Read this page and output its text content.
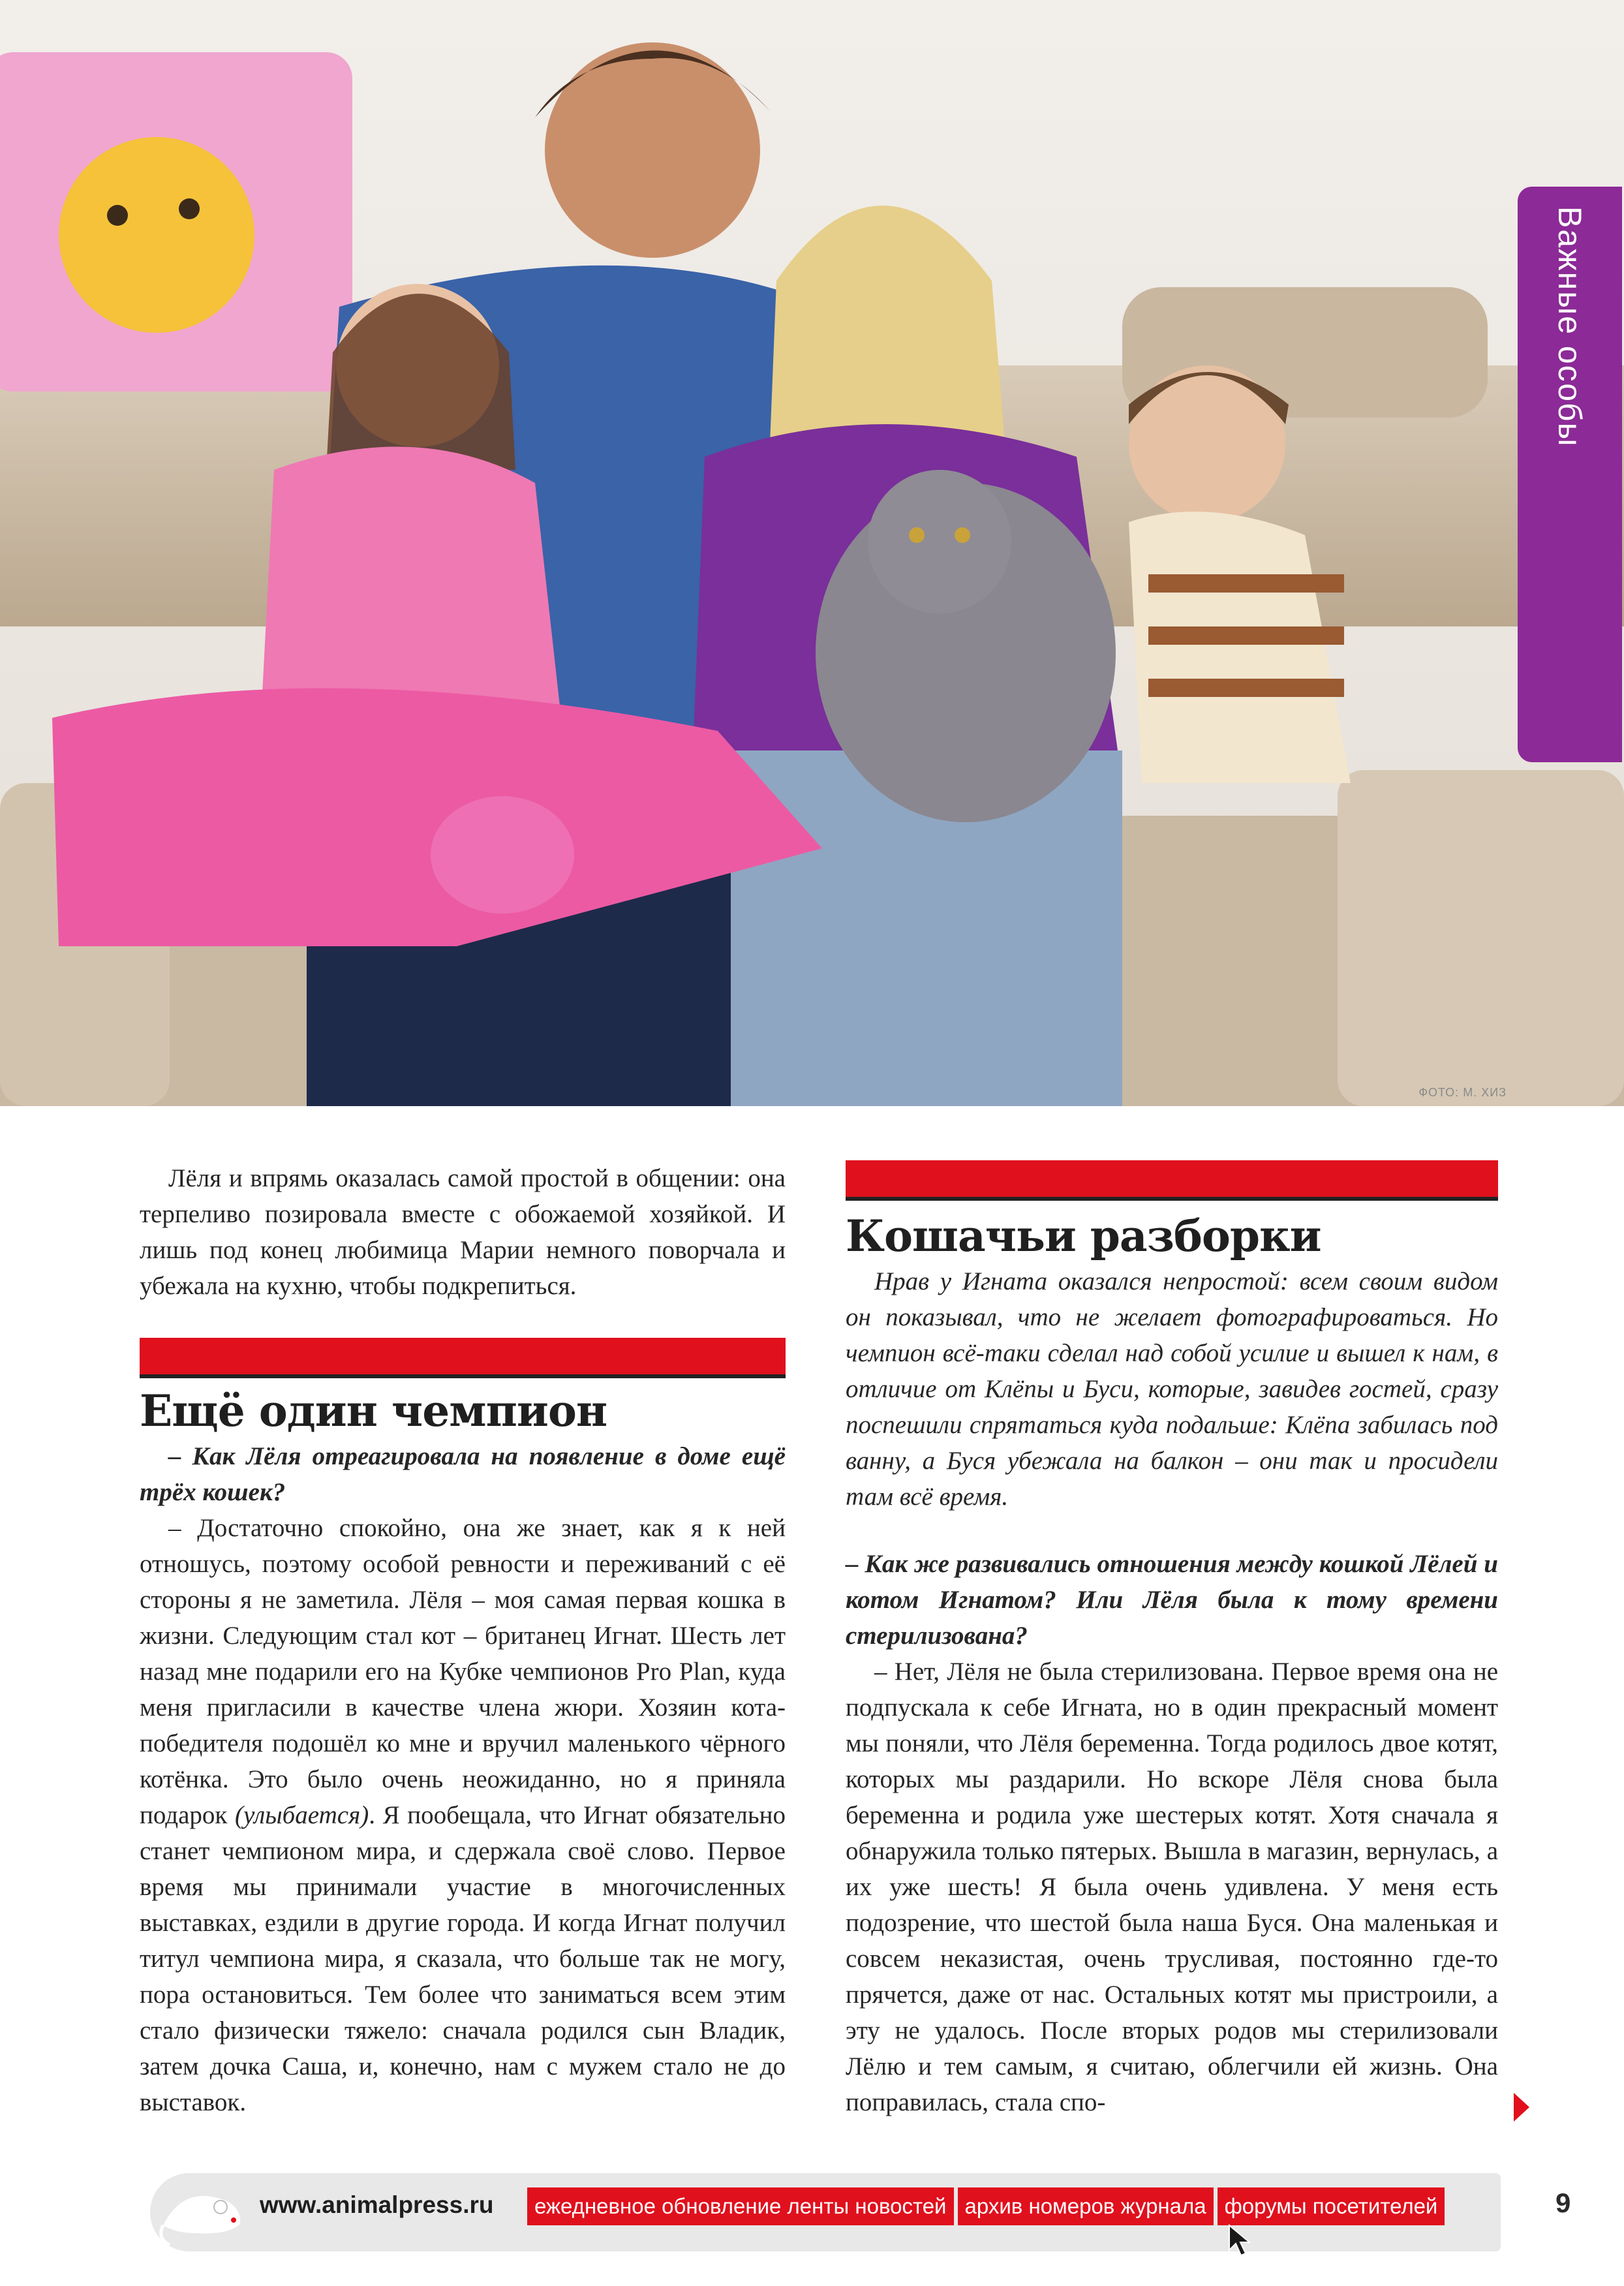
ФОТО: М. ХИЗ
Важные особы

Лёля и впрямь оказалась самой простой в общении: она терпеливо позировала вместе с обожаемой хозяйкой. И лишь под конец любимица Марии немного поворчала и убежала на кухню, чтобы подкрепиться.

Ещё один чемпион

– Как Лёля отреагировала на появление в доме ещё трёх кошек?

– Достаточно спокойно, она же знает, как я к ней отношусь, поэтому особой ревности и переживаний с её стороны я не заметила. Лёля – моя самая первая кошка в жизни. Следующим стал кот – британец Игнат. Шесть лет назад мне подарили его на Кубке чемпионов Pro Plan, куда меня пригласили в качестве члена жюри. Хозяин кота-победителя подошёл ко мне и вручил маленького чёрного котёнка. Это было очень неожиданно, но я приняла подарок (улыбается). Я пообещала, что Игнат обязательно станет чемпионом мира, и сдержала своё слово. Первое время мы принимали участие в многочисленных выставках, ездили в другие города. И когда Игнат получил титул чемпиона мира, я сказала, что больше так не могу, пора остановиться. Тем более что заниматься всем этим стало физически тяжело: сначала родился сын Владик, затем дочка Саша, и, конечно, нам с мужем стало не до выставок.

Кошачьи разборки

Нрав у Игната оказался непростой: всем своим видом он показывал, что не желает фотографироваться. Но чемпион всё-таки сделал над собой усилие и вышел к нам, в отличие от Клёпы и Буси, которые, завидев гостей, сразу поспешили спрятаться куда подальше: Клёпа забилась под ванну, а Буся убежала на балкон – они так и просидели там всё время.

– Как же развивались отношения между кошкой Лёлей и котом Игнатом? Или Лёля была к тому времени стерилизована?

– Нет, Лёля не была стерилизована. Первое время она не подпускала к себе Игната, но в один прекрасный момент мы поняли, что Лёля беременна. Тогда родилось двое котят, которых мы раздарили. Но вскоре Лёля снова была беременна и родила уже шестерых котят. Хотя сначала я обнаружила только пятерых. Вышла в магазин, вернулась, а их уже шесть! Я была очень удивлена. У меня есть подозрение, что шестой была наша Буся. Она маленькая и совсем неказистая, очень трусливая, постоянно где-то прячется, даже от нас. Остальных котят мы пристроили, а эту не удалось. После вторых родов мы стерилизовали Лёлю и тем самым, я считаю, облегчили ей жизнь. Она поправилась, стала спо-

www.animalpress.ru	ежедневное обновление ленты новостей архив номеров журнала форумы посетителей	9
